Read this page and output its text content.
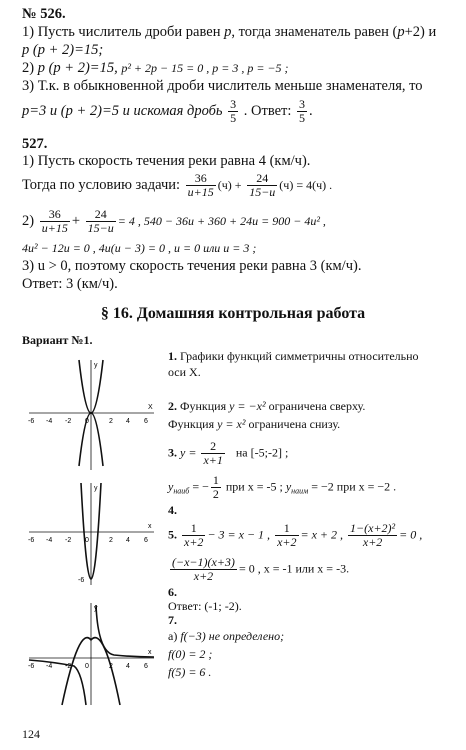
№ 526.
1) Пусть числитель дроби равен p, тогда знаменатель равен (p+2) и
p (p + 2)=15;
2) p (p + 2)=15, p² + 2p − 15 = 0 , p = 3 , p = −5 ;
3) Т.к. в обыкновенной дроби числитель меньше знаменателя, то
p=3 и (p + 2)=5 и искомая дробь $\frac{3}{5}$ . Ответ: $\frac{3}{5}$ .
527.
1) Пусть скорость течения реки равна 4 (км/ч).
Тогда по условию задачи: $\frac{36}{u+15} (ч) + \frac{24}{15-u} (ч) = 4(ч)$ .
$2) \frac{36}{u+15} + \frac{24}{15-u} = 4$ , 540 − 36u + 360 + 24u = 900 − 4u² ,
4u² − 12u = 0 , 4u(u − 3) = 0 , u = 0 или u = 3 ;
3) u > 0, поэтому скорость течения реки равна 3 (км/ч).
Ответ: 3 (км/ч).
§ 16. Домашняя контрольная работа
Вариант №1.
-6 -4 -2 0	2 4 6
X
y
-6 -4 -2 0	2 4 6
x
y
-6
-6 -4 -2 0	2 4 6
x
y
1. Графики функций симметричны относительно
оси X.
2. Функция y = −x² ограничена сверху.
Функция y = x² ограничена снизу.
3. $y = \frac{2}{x+1}$ на [-5;-2] ;
$y_{наиб}$ = − $\frac{1}{2}$ при x = -5 ; $y_{наим} = -2$ при x = −2 .
4.
5. $\frac{1}{x+2} - 3 = x - 1$ , $\frac{1}{x+2} = x + 2$ , $\frac{\text{1−(x+2)²}}{x+2} = 0$ ,
$\frac{(-x-1)(x+3)}{x+2} = 0$ , x = -1 или x = -3.
6.
Ответ: (-1; -2).
7.
а) f(−3) не определено;
f(0) = 2 ;
f(5) = 6 .
124
